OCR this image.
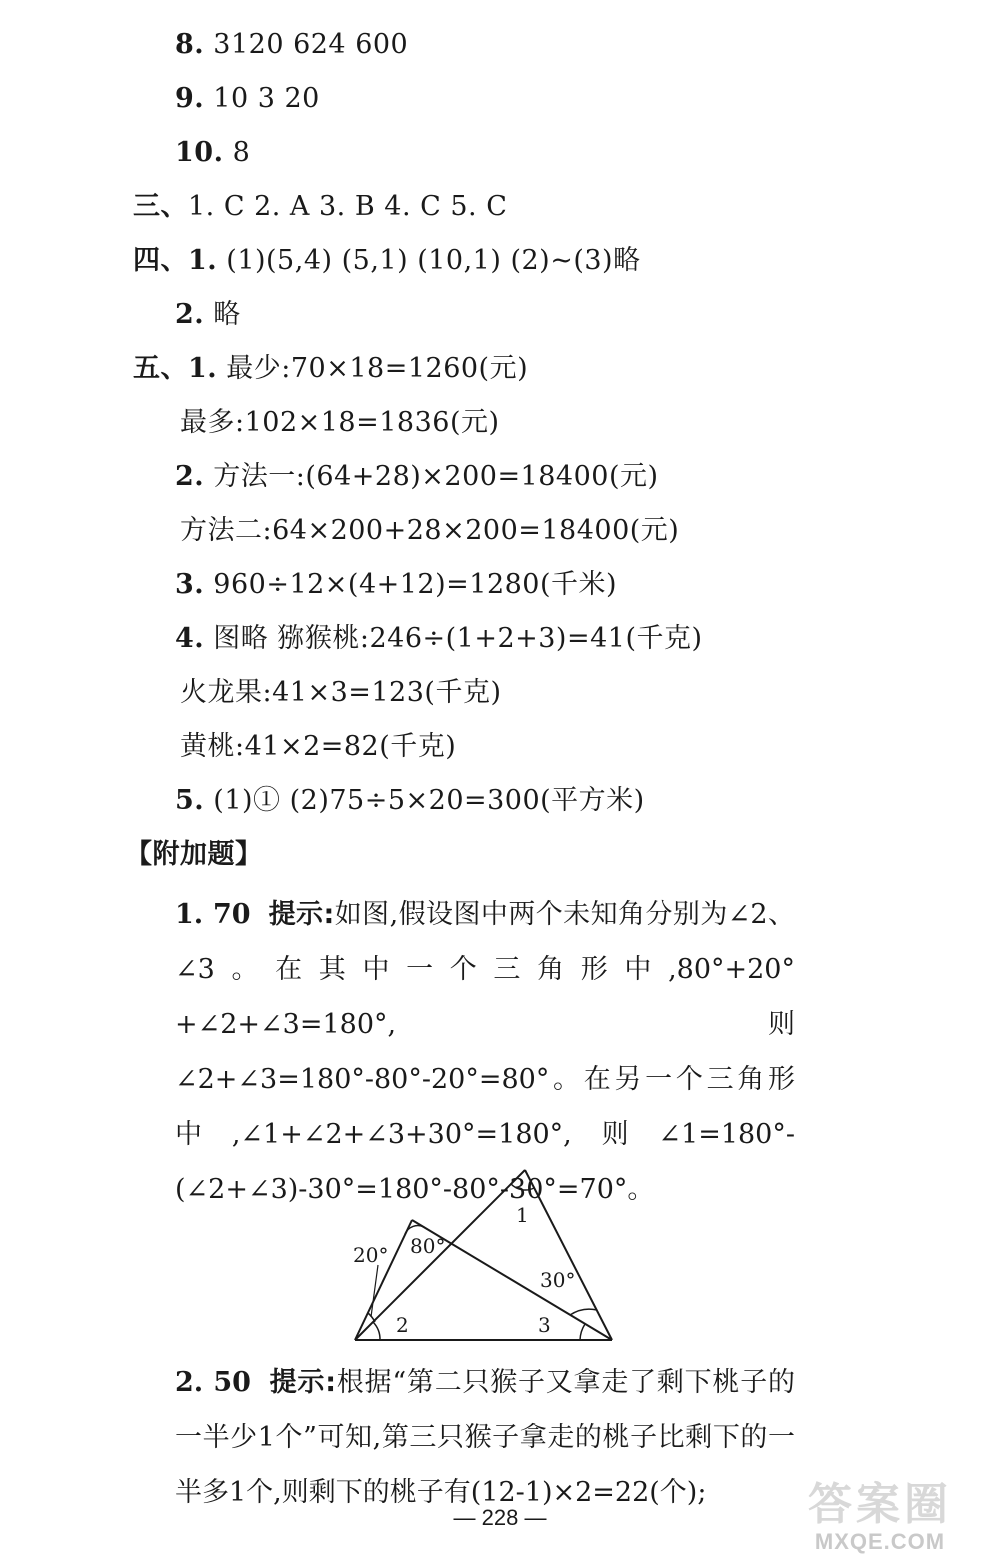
8. 3120 624 600
9. 10 3 20
10. 8
三、1. C 2. A 3. B 4. C 5. C
四、1. (1)(5,4) (5,1) (10,1) (2)~(3)略
2. 略
五、1. 最少:70×18=1260(元)
最多:102×18=1836(元)
2. 方法一:(64+28)×200=18400(元)
方法二:64×200+28×200=18400(元)
3. 960÷12×(4+12)=1280(千米)
4. 图略 猕猴桃:246÷(1+2+3)=41(千克)
火龙果:41×3=123(千克)
黄桃:41×2=82(千克)
5. (1)① (2)75÷5×20=300(平方米)
【附加题】
1. 70 提示:如图,假设图中两个未知角分别为∠2、∠3。在其中一个三角形中,80°+20°+∠2+∠3=180°,则∠2+∠3=180°-80°-20°=80°。在另一个三角形中,∠1+∠2+∠3+30°=180°,则∠1=180°-(∠2+∠3)-30°=180°-80°-30°=70°。
20° 80°
1
30°
2	3
2. 50 提示:根据“第二只猴子又拿走了剩下桃子的一半少1个”可知,第三只猴子拿走的桃子比剩下的一半多1个,则剩下的桃子有(12-1)×2=22(个);
— 228 —	答案圈
MXQE.COM
